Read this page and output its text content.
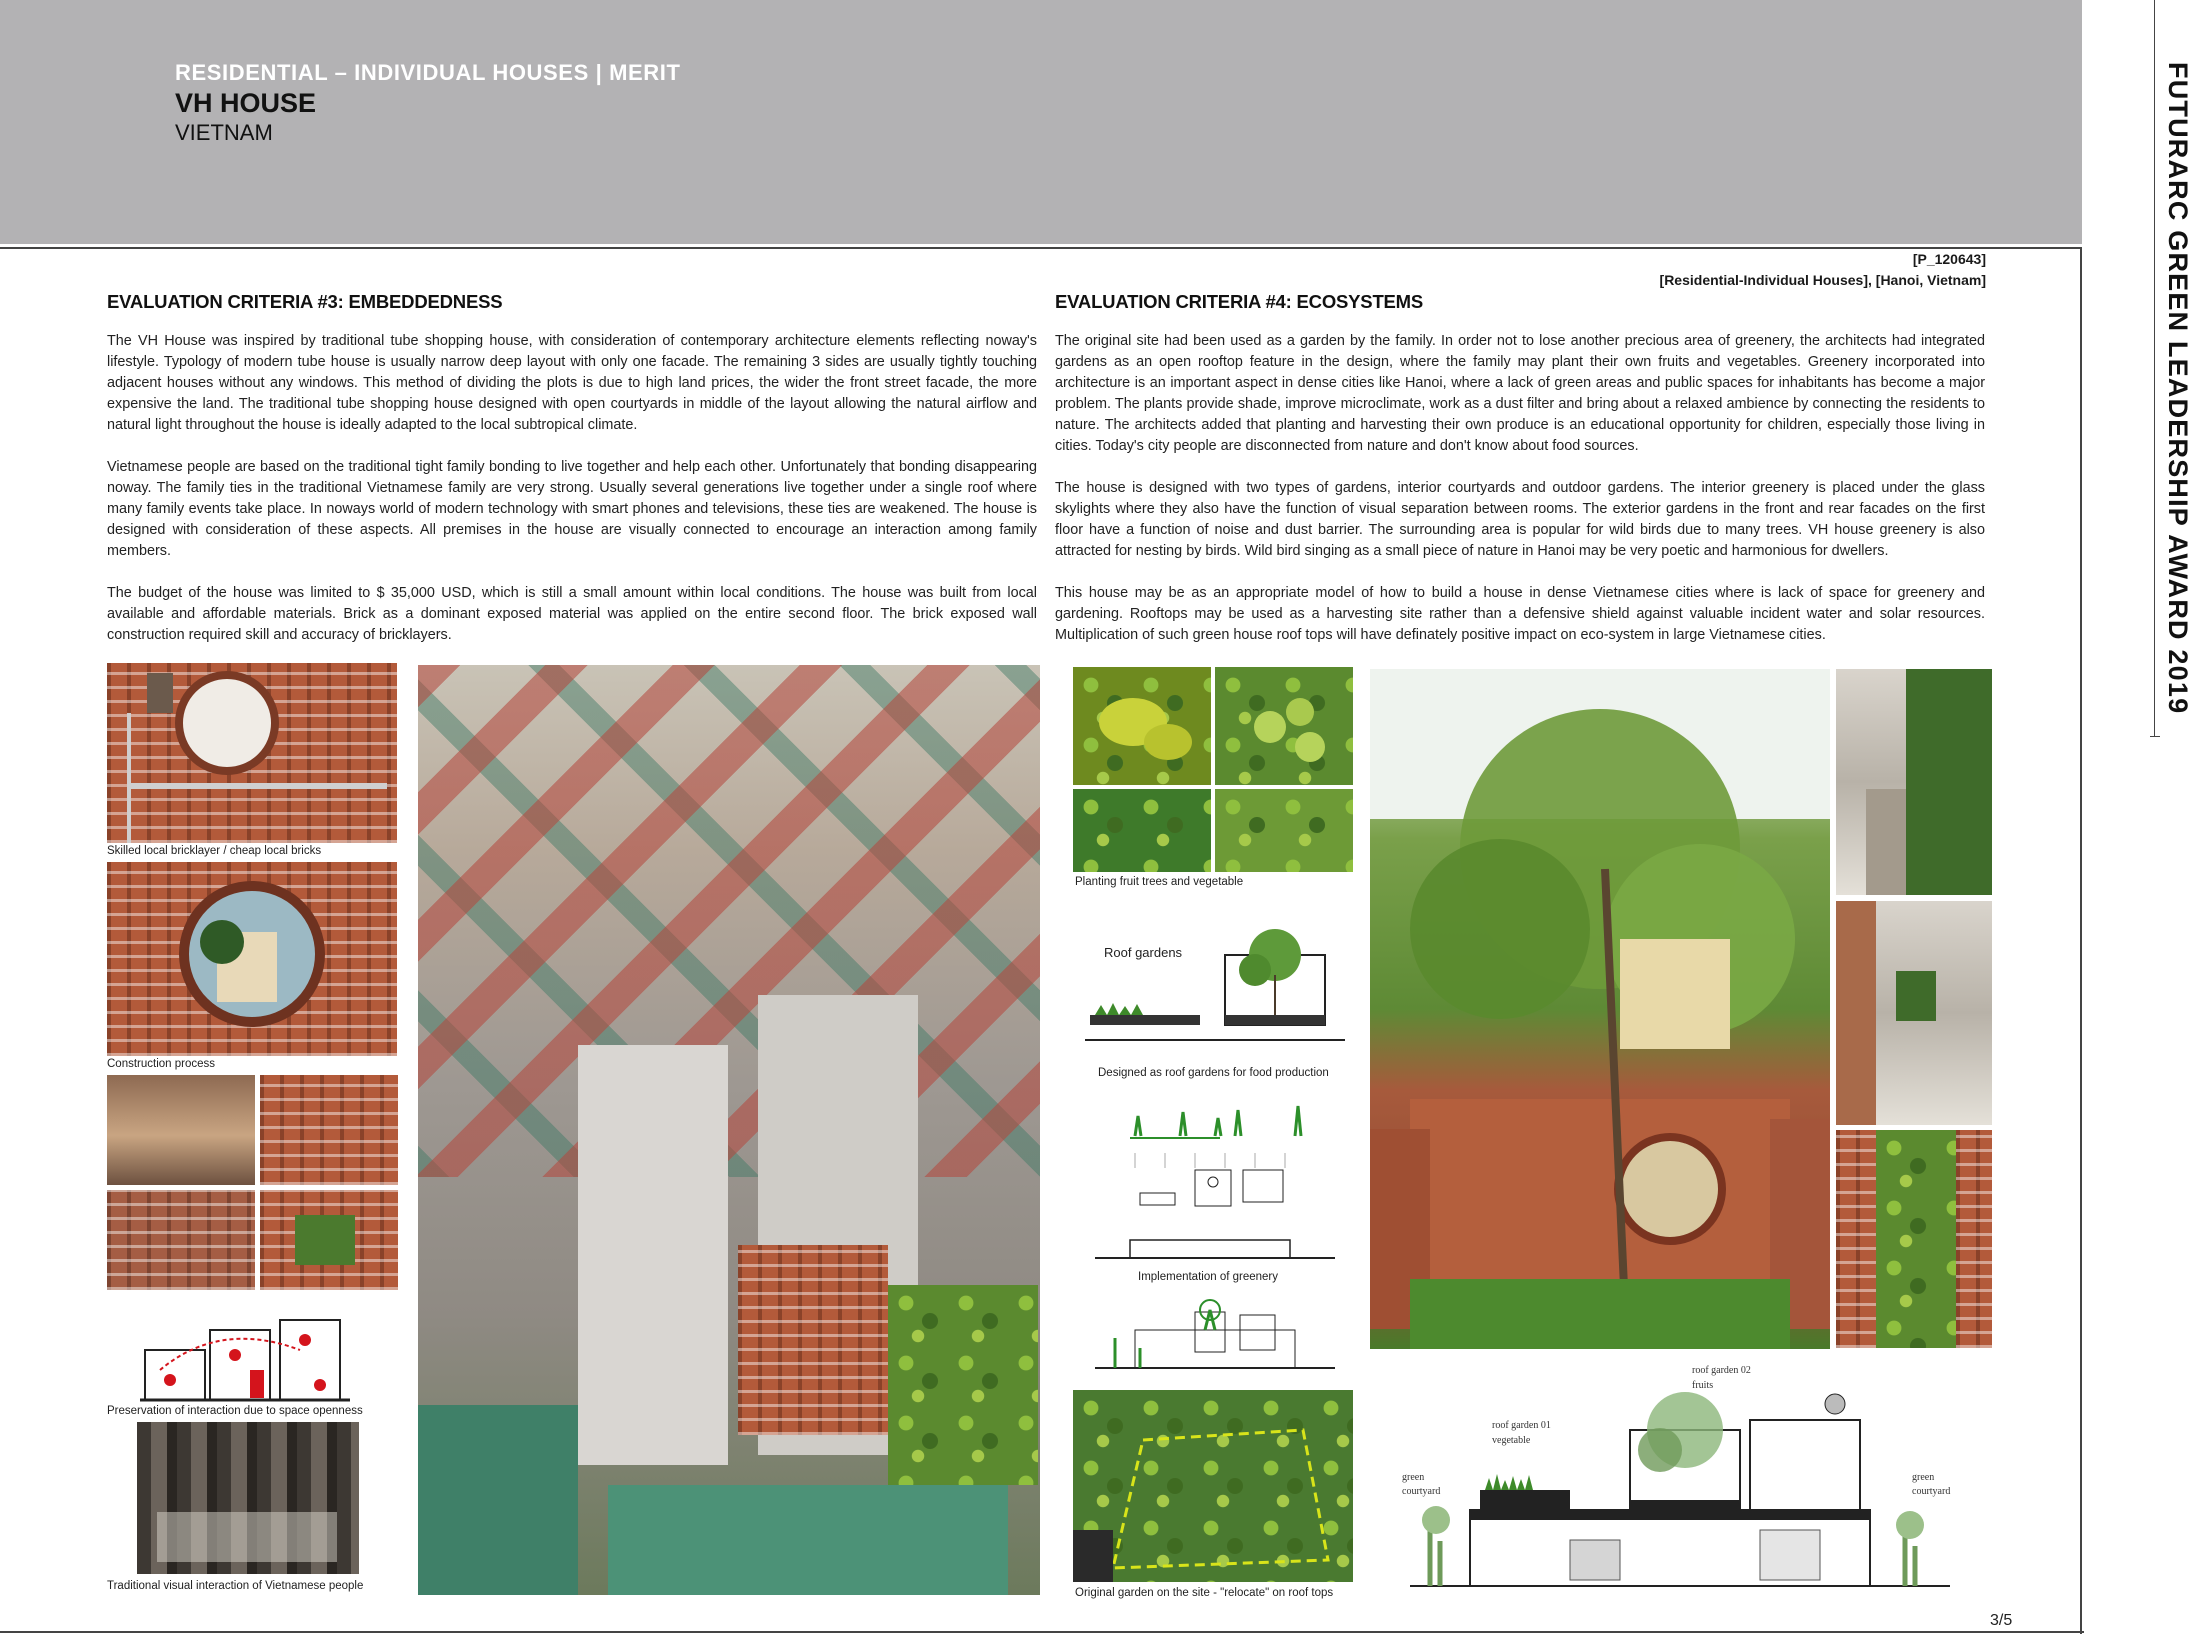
RESIDENTIAL – INDIVIDUAL HOUSES | MERIT
VH HOUSE
VIETNAM	FUTURARC GREEN LEADERSHIP AWARD 2019
[P_120643]
[Residential-Individual Houses], [Hanoi, Vietnam]
EVALUATION CRITERIA #3: EMBEDDEDNESS
The VH House was inspired by traditional tube shopping house, with consideration of contemporary architecture elements reflecting noway's lifestyle. Typology of modern tube house is usually narrow deep layout with only one facade. The remaining 3 sides are usually tightly touching adjacent houses without any windows. This method of dividing the plots is due to high land prices, the wider the front street facade, the more expensive the land. The traditional tube shopping house designed with open courtyards in middle of the layout allowing the natural airflow and natural light throughout the house is ideally adapted to the local subtropical climate.
Vietnamese people are based on the traditional tight family bonding to live together and help each other. Unfortunately that bonding disappearing noway. The family ties in the traditional Vietnamese family are very strong. Usually several generations live together under a single roof where many family events take place. In noways world of modern technology with smart phones and televisions, these ties are weakened. The house is designed with consideration of these aspects. All premises in the house are visually connected to encourage an interaction among family members.
The budget of the house was limited to $ 35,000 USD, which is still a small amount within local conditions. The house was built from local available and affordable materials. Brick as a dominant exposed material was applied on the entire second floor. The brick exposed wall construction required skill and accuracy of bricklayers.
EVALUATION CRITERIA #4: ECOSYSTEMS
The original site had been used as a garden by the family. In order not to lose another precious area of greenery, the architects had integrated gardens as an open rooftop feature in the design, where the family may plant their own fruits and vegetables. Greenery incorporated into architecture is an important aspect in dense cities like Hanoi, where a lack of green areas and public spaces for inhabitants has become a major problem. The plants provide shade, improve microclimate, work as a dust filter and bring about a relaxed ambience by connecting the residents to nature. The architects added that planting and harvesting their own produce is an educational opportunity for children, especially those living in cities. Today's city people are disconnected from nature and don't know about food sources.
The house is designed with two types of gardens, interior courtyards and outdoor gardens. The interior greenery is placed under the glass skylights where they also have the function of visual separation between rooms. The exterior gardens in the front and rear facades on the first floor have a function of noise and dust barrier. The surrounding area is popular for wild birds due to many trees. VH house greenery is also attracted for nesting by birds. Wild bird singing as a small piece of nature in Hanoi may be very poetic and harmonious for dwellers.
This house may be as an appropriate model of how to build a house in dense Vietnamese cities where is lack of space for greenery and gardening. Rooftops may be used as a harvesting site rather than a defensive shield against valuable incident water and solar resources. Multiplication of such green house roof tops will have definately positive impact on eco-system in large Vietnamese cities.
Skilled local bricklayer / cheap local bricks
Construction process
Preservation of interaction due to space openness
Traditional visual interaction of Vietnamese people
Planting fruit trees and vegetable
Roof gardens
Designed as roof gardens for food production
Implementation of greenery
Original garden on the site - "relocate" on roof tops
roof garden 02
fruits
roof garden 01
vegetable
green
courtyard
green
courtyard
3/5
